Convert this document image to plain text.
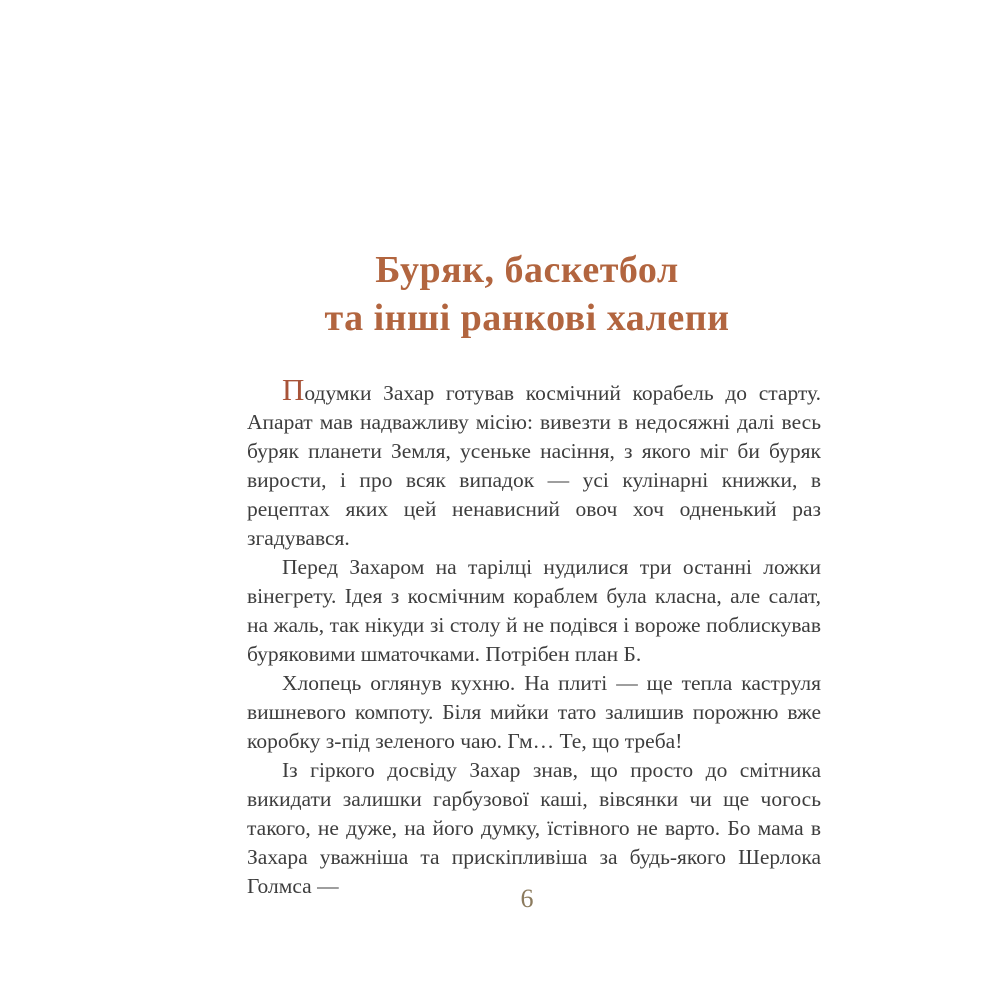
Буряк, баскетбол
та інші ранкові халепи

Подумки Захар готував космічний корабель до старту. Апарат мав надважливу місію: вивезти в недосяжні далі весь буряк планети Земля, усеньке насіння, з якого міг би буряк вирости, і про всяк випадок — усі кулінарні книжки, в рецептах яких цей ненависний овоч хоч одненький раз згадувався.

Перед Захаром на тарілці нудилися три останні ложки вінегрету. Ідея з космічним кораблем була класна, але салат, на жаль, так нікуди зі столу й не подівся і вороже поблискував буряковими шматочками. Потрібен план Б.

Хлопець оглянув кухню. На плиті — ще тепла каструля вишневого компоту. Біля мийки тато залишив порожню вже коробку з-під зеленого чаю. Гм… Те, що треба!

Із гіркого досвіду Захар знав, що просто до смітника викидати залишки гарбузової каші, вівсянки чи ще чогось такого, не дуже, на його думку, їстівного не варто. Бо мама в Захара уважніша та прискіпливіша за будь-якого Шерлока Голмса —	6
